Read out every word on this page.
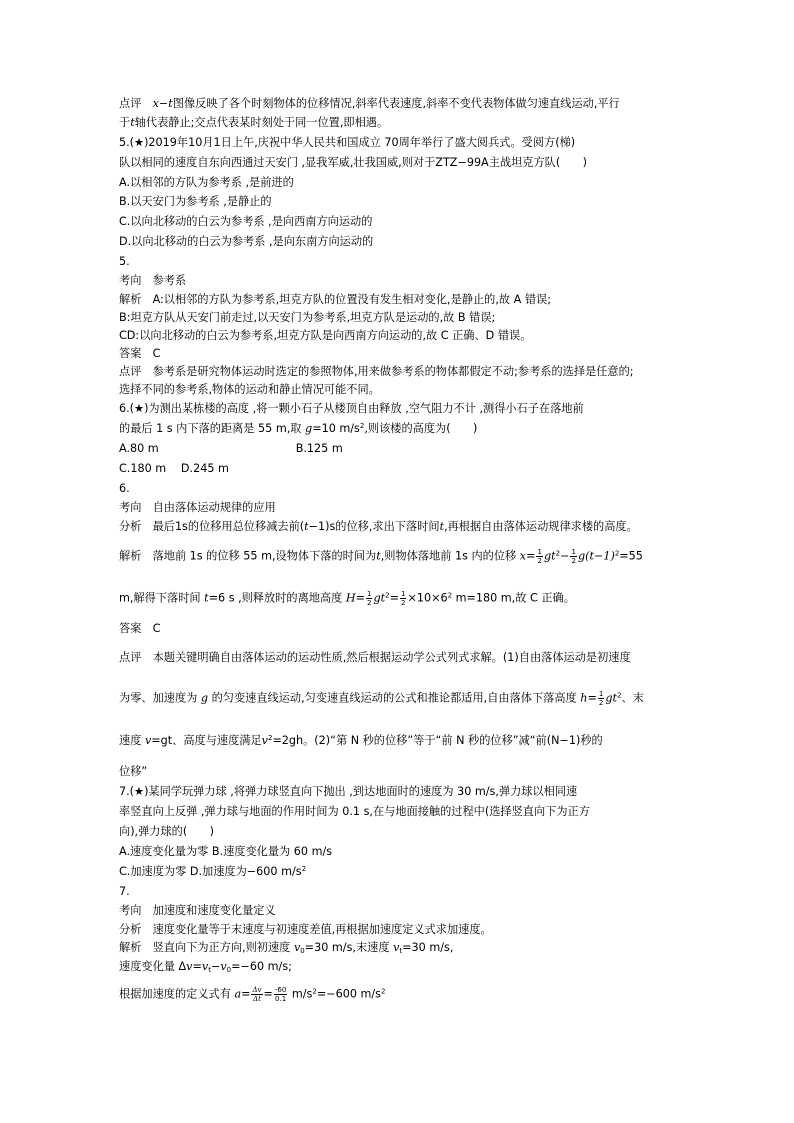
点评　x−t图像反映了各个时刻物体的位移情况,斜率代表速度,斜率不变代表物体做匀速直线运动,平行
于t轴代表静止;交点代表某时刻处于同一位置,即相遇。
5.(★)2019年10月1日上午,庆祝中华人民共和国成立 70周年举行了盛大阅兵式。受阅方(梯)
队以相同的速度自东向西通过天安门 ,显我军威,壮我国威,则对于ZTZ−99A主战坦克方队(　　)
A.以相邻的方队为参考系 ,是前进的
B.以天安门为参考系 ,是静止的
C.以向北移动的白云为参考系 ,是向西南方向运动的
D.以向北移动的白云为参考系 ,是向东南方向运动的
5.
考向　参考系
解析　A:以相邻的方队为参考系,坦克方队的位置没有发生相对变化,是静止的,故 A 错误;
B:坦克方队从天安门前走过,以天安门为参考系,坦克方队是运动的,故 B 错误;
CD:以向北移动的白云为参考系,坦克方队是向西南方向运动的,故 C 正确、D 错误。
答案　C
点评　参考系是研究物体运动时选定的参照物体,用来做参考系的物体都假定不动;参考系的选择是任意的;
选择不同的参考系,物体的运动和静止情况可能不同。
6.(★)为测出某栋楼的高度 ,将一颗小石子从楼顶自由释放 ,空气阻力不计 ,测得小石子在落地前
的最后 1 s 内下落的距离是 55 m,取 g=10 $m/s^2$,则该楼的高度为(　　)
A.80 m	B.125 m
C.180 m　 D.245 m
6.
考向　自由落体运动规律的应用
分析　最后1s的位移用总位移减去前(t−1)s的位移,求出下落时间t,再根据自由落体运动规律求楼的高度。
解析　落地前 1s 的位移 55 m,设物体下落的时间为t,则物体落地前 1s 内的位移 $x= \frac{1}{2} gt^2- \frac{1}{2} g(t-1)^2=55$
m,解得下落时间 t=6 s ,则释放时的离地高度 $H= \frac{1}{2} gt^2= \frac{1}{2} \times 10\times 6^2$ m=180 m,故 C 正确。
答案　C
点评　本题关键明确自由落体运动的运动性质,然后根据运动学公式列式求解。(1)自由落体运动是初速度
为零、加速度为 g 的匀变速直线运动,匀变速直线运动的公式和推论都适用,自由落体下落高度 $h= \frac{1}{2} gt^2$、末
速度 v=gt、高度与速度满足$v^2=2gh$。(2)“第 N 秒的位移”等于“前 N 秒的位移”减“前(N−1)秒的
位移”
7.(★)某同学玩弹力球 ,将弹力球竖直向下抛出 ,到达地面时的速度为 30 m/s,弹力球以相同速
率竖直向上反弹 ,弹力球与地面的作用时间为 0.1 s,在与地面接触的过程中(选择竖直向下为正方
向),弹力球的(　　)
A.速度变化量为零 B.速度变化量为 60 m/s
C.加速度为零 D.加速度为−600 $m/s^2$
7.
考向　加速度和速度变化量定义
分析　速度变化量等于末速度与初速度差值,再根据加速度定义式求加速度。
解析　竖直向下为正方向,则初速度 $v_0=30$ m/s,末速度 $v_t=30$ m/s,
速度变化量 $\Delta v=v_t-v_0=-60$ m/s;
根据加速度的定义式有 $a= \frac{\Delta v}{\Delta t} = \frac{-60}{0.1} m/s^2=-600$ $m/s^2$
